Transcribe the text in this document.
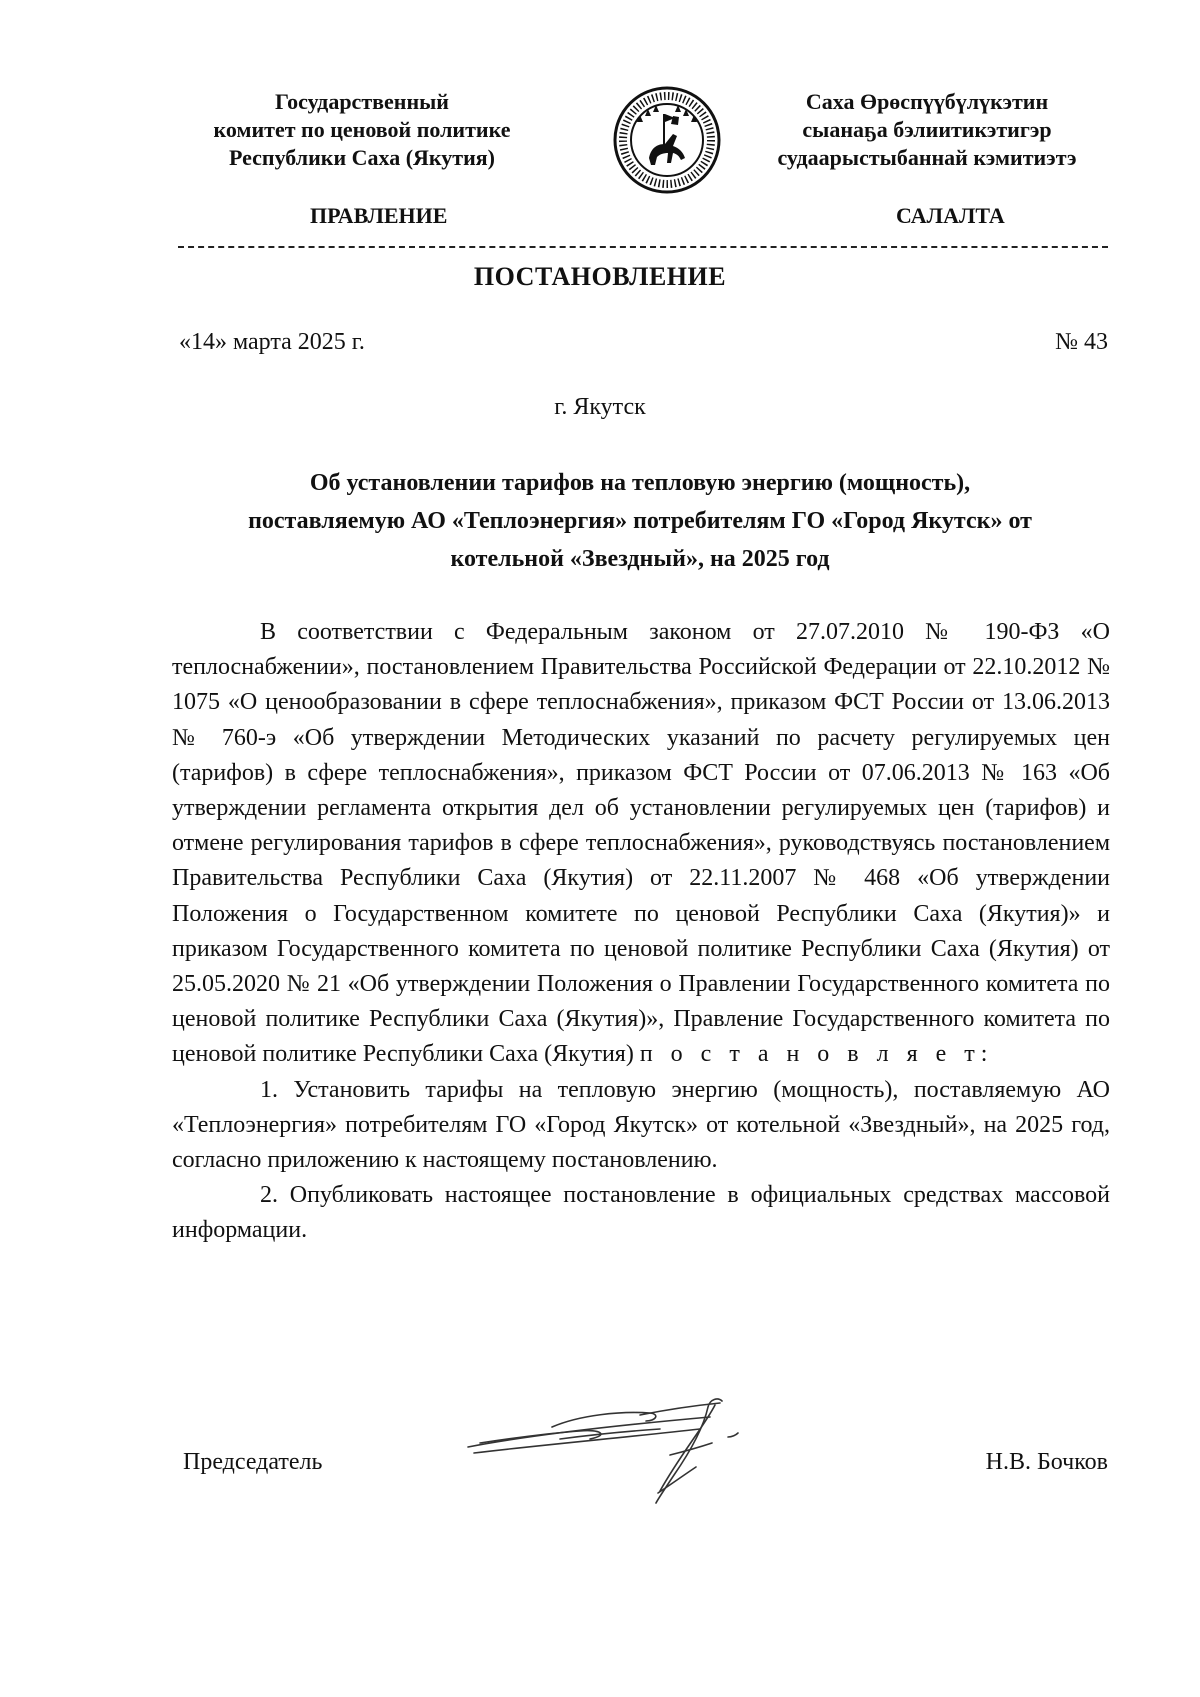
Государственный
комитет по ценовой политике
Республики Саха (Якутия)
Саха Өрөспүүбүлүкэтин
сыанаҕа бэлиитикэтигэр
судаарыстыбаннай кэмитиэтэ
ПРАВЛЕНИЕ	САЛАЛТА
ПОСТАНОВЛЕНИЕ
«14» марта 2025 г.	№ 43
г. Якутск
Об установлении тарифов на тепловую энергию (мощность),
поставляемую АО «Теплоэнергия» потребителям ГО «Город Якутск» от
котельной «Звездный», на 2025 год

В соответствии с Федеральным законом от 27.07.2010 № 190-ФЗ «О теплоснабжении», постановлением Правительства Российской Федерации от 22.10.2012 № 1075 «О ценообразовании в сфере теплоснабжения», приказом ФСТ России от 13.06.2013 № 760-э «Об утверждении Методических указаний по расчету регулируемых цен (тарифов) в сфере теплоснабжения», приказом ФСТ России от 07.06.2013 № 163 «Об утверждении регламента открытия дел об установлении регулируемых цен (тарифов) и отмене регулирования тарифов в сфере теплоснабжения», руководствуясь постановлением Правительства Республики Саха (Якутия) от 22.11.2007 № 468 «Об утверждении Положения о Государственном комитете по ценовой Республики Саха (Якутия)» и приказом Государственного комитета по ценовой политике Республики Саха (Якутия) от 25.05.2020 № 21 «Об утверждении Положения о Правлении Государственного комитета по ценовой политике Республики Саха (Якутия)», Правление Государственного комитета по ценовой политике Республики Саха (Якутия) п о с т а н о в л я е т:

1. Установить тарифы на тепловую энергию (мощность), поставляемую АО «Теплоэнергия» потребителям ГО «Город Якутск» от котельной «Звездный», на 2025 год, согласно приложению к настоящему постановлению.

2. Опубликовать настоящее постановление в официальных средствах массовой информации.

Председатель	Н.В. Бочков
